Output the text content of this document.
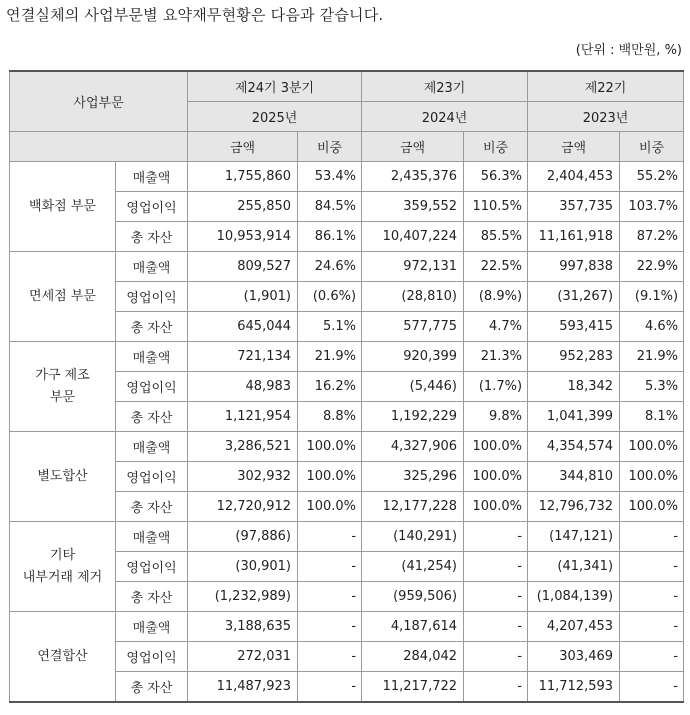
연결실체의 사업부문별 요약재무현황은 다음과 같습니다.
(단위 : 백만원, %)
사업부문		제24기 3분기		제23기		제22기	
		2025년		2024년		2023년	
		금액	비중	금액	비중	금액	비중
백화점 부문	매출액	1,755,860	53.4%	2,435,376	56.3%	2,404,453	55.2%
	영업이익	255,850	84.5%	359,552	110.5%	357,735	103.7%
	총 자산	10,953,914	86.1%	10,407,224	85.5%	11,161,918	87.2%
면세점 부문	매출액	809,527	24.6%	972,131	22.5%	997,838	22.9%
	영업이익	(1,901)	(0.6%)	(28,810)	(8.9%)	(31,267)	(9.1%)
	총 자산	645,044	5.1%	577,775	4.7%	593,415	4.6%
가구 제조
부문	매출액	721,134	21.9%	920,399	21.3%	952,283	21.9%
	영업이익	48,983	16.2%	(5,446)	(1.7%)	18,342	5.3%
	총 자산	1,121,954	8.8%	1,192,229	9.8%	1,041,399	8.1%
별도합산	매출액	3,286,521	100.0%	4,327,906	100.0%	4,354,574	100.0%
	영업이익	302,932	100.0%	325,296	100.0%	344,810	100.0%
	총 자산	12,720,912	100.0%	12,177,228	100.0%	12,796,732	100.0%
기타
내부거래 제거	매출액	(97,886)	-	(140,291)	-	(147,121)	-
	영업이익	(30,901)	-	(41,254)	-	(41,341)	-
	총 자산	(1,232,989)	-	(959,506)	-	(1,084,139)	-
연결합산	매출액	3,188,635	-	4,187,614	-	4,207,453	-
	영업이익	272,031	-	284,042	-	303,469	-
	총 자산	11,487,923	-	11,217,722	-	11,712,593	-
